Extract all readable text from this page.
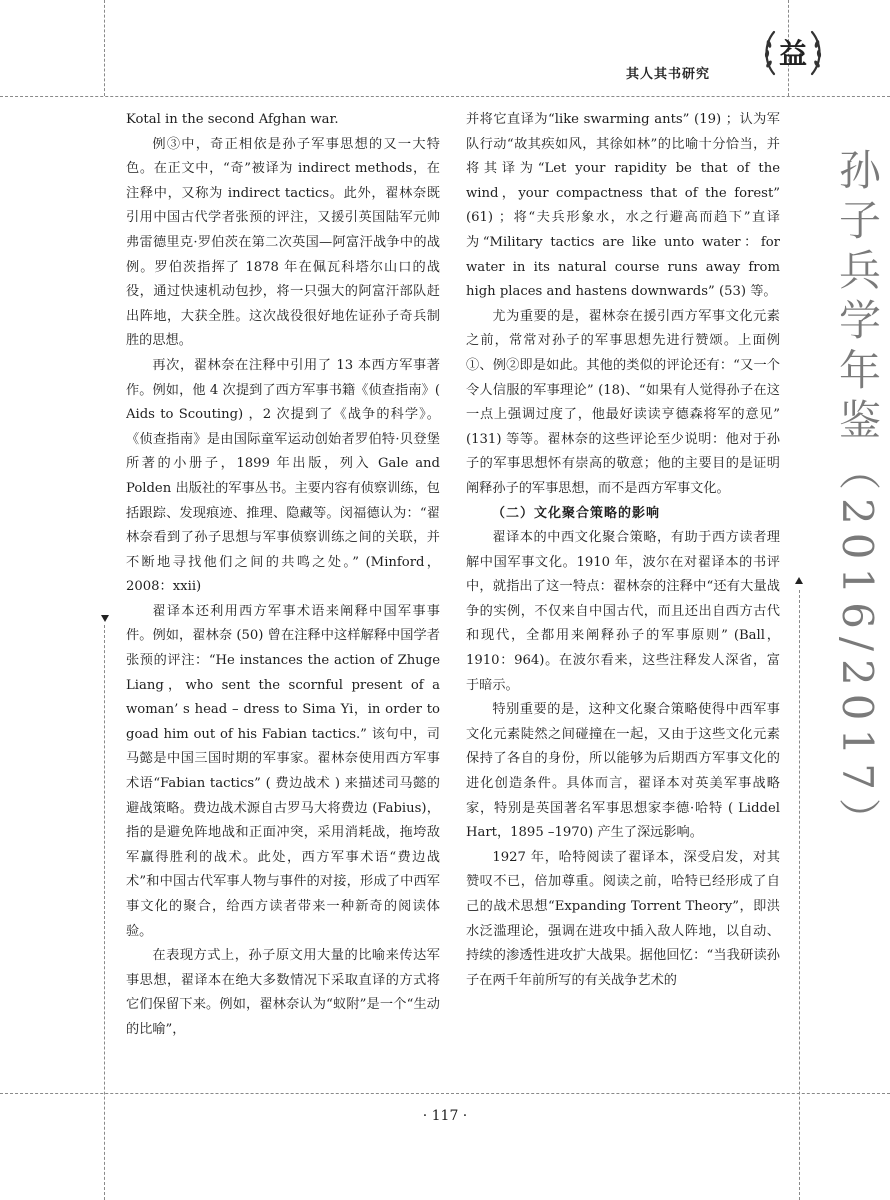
其人其书研究
益
孙子兵学年鉴（2016/2017）

Kotal in the second Afghan war.

例③中，奇正相依是孙子军事思想的又一大特色。在正文中，“奇”被译为 indirect methods，在注释中，又称为 indirect tactics。此外，翟林奈既引用中国古代学者张预的评注，又援引英国陆军元帅弗雷德里克·罗伯茨在第二次英国—阿富汗战争中的战例。罗伯茨指挥了 1878 年在佩瓦科塔尔山口的战役，通过快速机动包抄，将一只强大的阿富汗部队赶出阵地，大获全胜。这次战役很好地佐证孙子奇兵制胜的思想。

再次，翟林奈在注释中引用了 13 本西方军事著作。例如，他 4 次提到了西方军事书籍《侦查指南》( Aids to Scouting) ，2 次提到了《战争的科学》。《侦查指南》是由国际童军运动创始者罗伯特·贝登堡所著的小册子，1899 年出版，列入 Gale and Polden 出版社的军事丛书。主要内容有侦察训练，包括跟踪、发现痕迹、推理、隐藏等。闵福德认为：“翟林奈看到了孙子思想与军事侦察训练之间的关联，并不断地寻找他们之间的共鸣之处。” (Minford，2008：xxii)

翟译本还利用西方军事术语来阐释中国军事事件。例如，翟林奈 (50) 曾在注释中这样解释中国学者张预的评注：“He instances the action of Zhuge Liang，who sent the scornful present of a woman’ s head – dress to Sima Yi，in order to goad him out of his Fabian tactics.” 该句中，司马懿是中国三国时期的军事家。翟林奈使用西方军事术语“Fabian tactics” ( 费边战术 ) 来描述司马懿的避战策略。费边战术源自古罗马大将费边 (Fabius)，指的是避免阵地战和正面冲突，采用消耗战，拖垮敌军赢得胜利的战术。此处，西方军事术语“费边战术”和中国古代军事人物与事件的对接，形成了中西军事文化的聚合，给西方读者带来一种新奇的阅读体验。

在表现方式上，孙子原文用大量的比喻来传达军事思想，翟译本在绝大多数情况下采取直译的方式将它们保留下来。例如，翟林奈认为“蚁附”是一个“生动的比喻”，

并将它直译为“like swarming ants” (19) ；认为军队行动“故其疾如风，其徐如林”的比喻十分恰当，并将其译为“Let your rapidity be that of the wind，your compactness that of the forest” (61) ；将“夫兵形象水，水之行避高而趋下”直译为“Military tactics are like unto water：for water in its natural course runs away from high places and hastens downwards” (53) 等。

尤为重要的是，翟林奈在援引西方军事文化元素之前，常常对孙子的军事思想先进行赞颂。上面例①、例②即是如此。其他的类似的评论还有：“又一个令人信服的军事理论” (18)、“如果有人觉得孙子在这一点上强调过度了，他最好读读亨德森将军的意见” (131) 等等。翟林奈的这些评论至少说明：他对于孙子的军事思想怀有崇高的敬意；他的主要目的是证明阐释孙子的军事思想，而不是西方军事文化。

（二）文化聚合策略的影响

翟译本的中西文化聚合策略，有助于西方读者理解中国军事文化。1910 年，波尔在对翟译本的书评中，就指出了这一特点：翟林奈的注释中“还有大量战争的实例，不仅来自中国古代，而且还出自西方古代和现代，全都用来阐释孙子的军事原则” (Ball，1910：964)。在波尔看来，这些注释发人深省，富于暗示。

特别重要的是，这种文化聚合策略使得中西军事文化元素陡然之间碰撞在一起，又由于这些文化元素保持了各自的身份，所以能够为后期西方军事文化的进化创造条件。具体而言，翟译本对英美军事战略家，特别是英国著名军事思想家李德·哈特 ( Liddel Hart，1895 –1970) 产生了深远影响。

1927 年，哈特阅读了翟译本，深受启发，对其赞叹不已，倍加尊重。阅读之前，哈特已经形成了自己的战术思想“Expanding Torrent Theory”，即洪水泛滥理论，强调在进攻中插入敌人阵地，以自动、持续的渗透性进攻扩大战果。据他回忆：“当我研读孙子在两千年前所写的有关战争艺术的

· 117 ·
